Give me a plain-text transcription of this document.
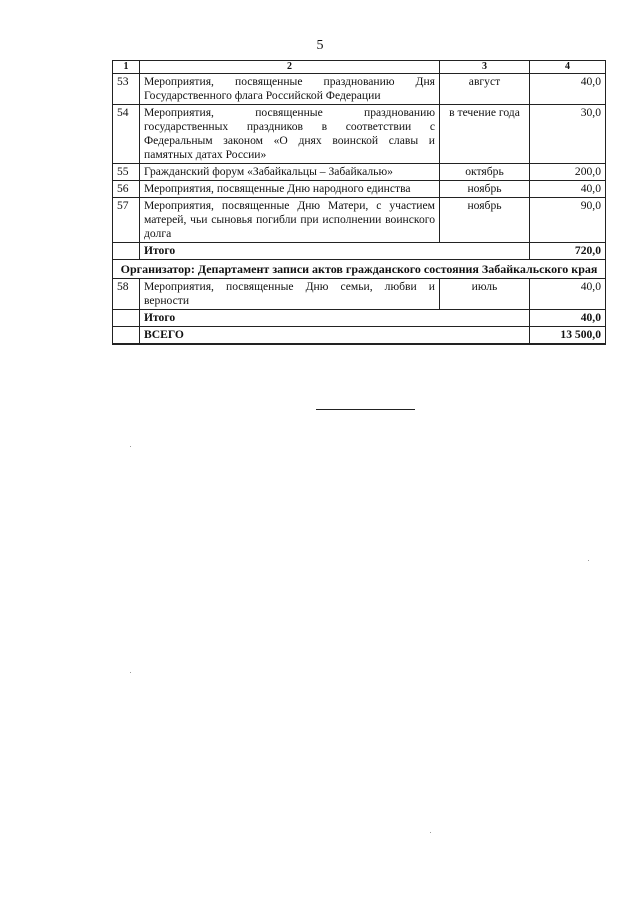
5
1	2	3	4
53	Мероприятия, посвященные празднованию Дня Государственного флага Российской Федерации	август	40,0
54	Мероприятия, посвященные празднованию государственных праздников в соответствии с Федеральным законом «О днях воинской славы и памятных датах России»	в течение года	30,0
55	Гражданский форум «Забайкальцы – Забайкалью»	октябрь	200,0
56	Мероприятия, посвященные Дню народного единства	ноябрь	40,0
57	Мероприятия, посвященные Дню Матери, с участием матерей, чьи сыновья погибли при исполнении воинского долга	ноябрь	90,0
	Итого		720,0
Организатор: Департамент записи актов гражданского состояния Забайкальского края			
58	Мероприятия, посвященные Дню семьи, любви и верности	июль	40,0
	Итого		40,0
	ВСЕГО		13 500,0
